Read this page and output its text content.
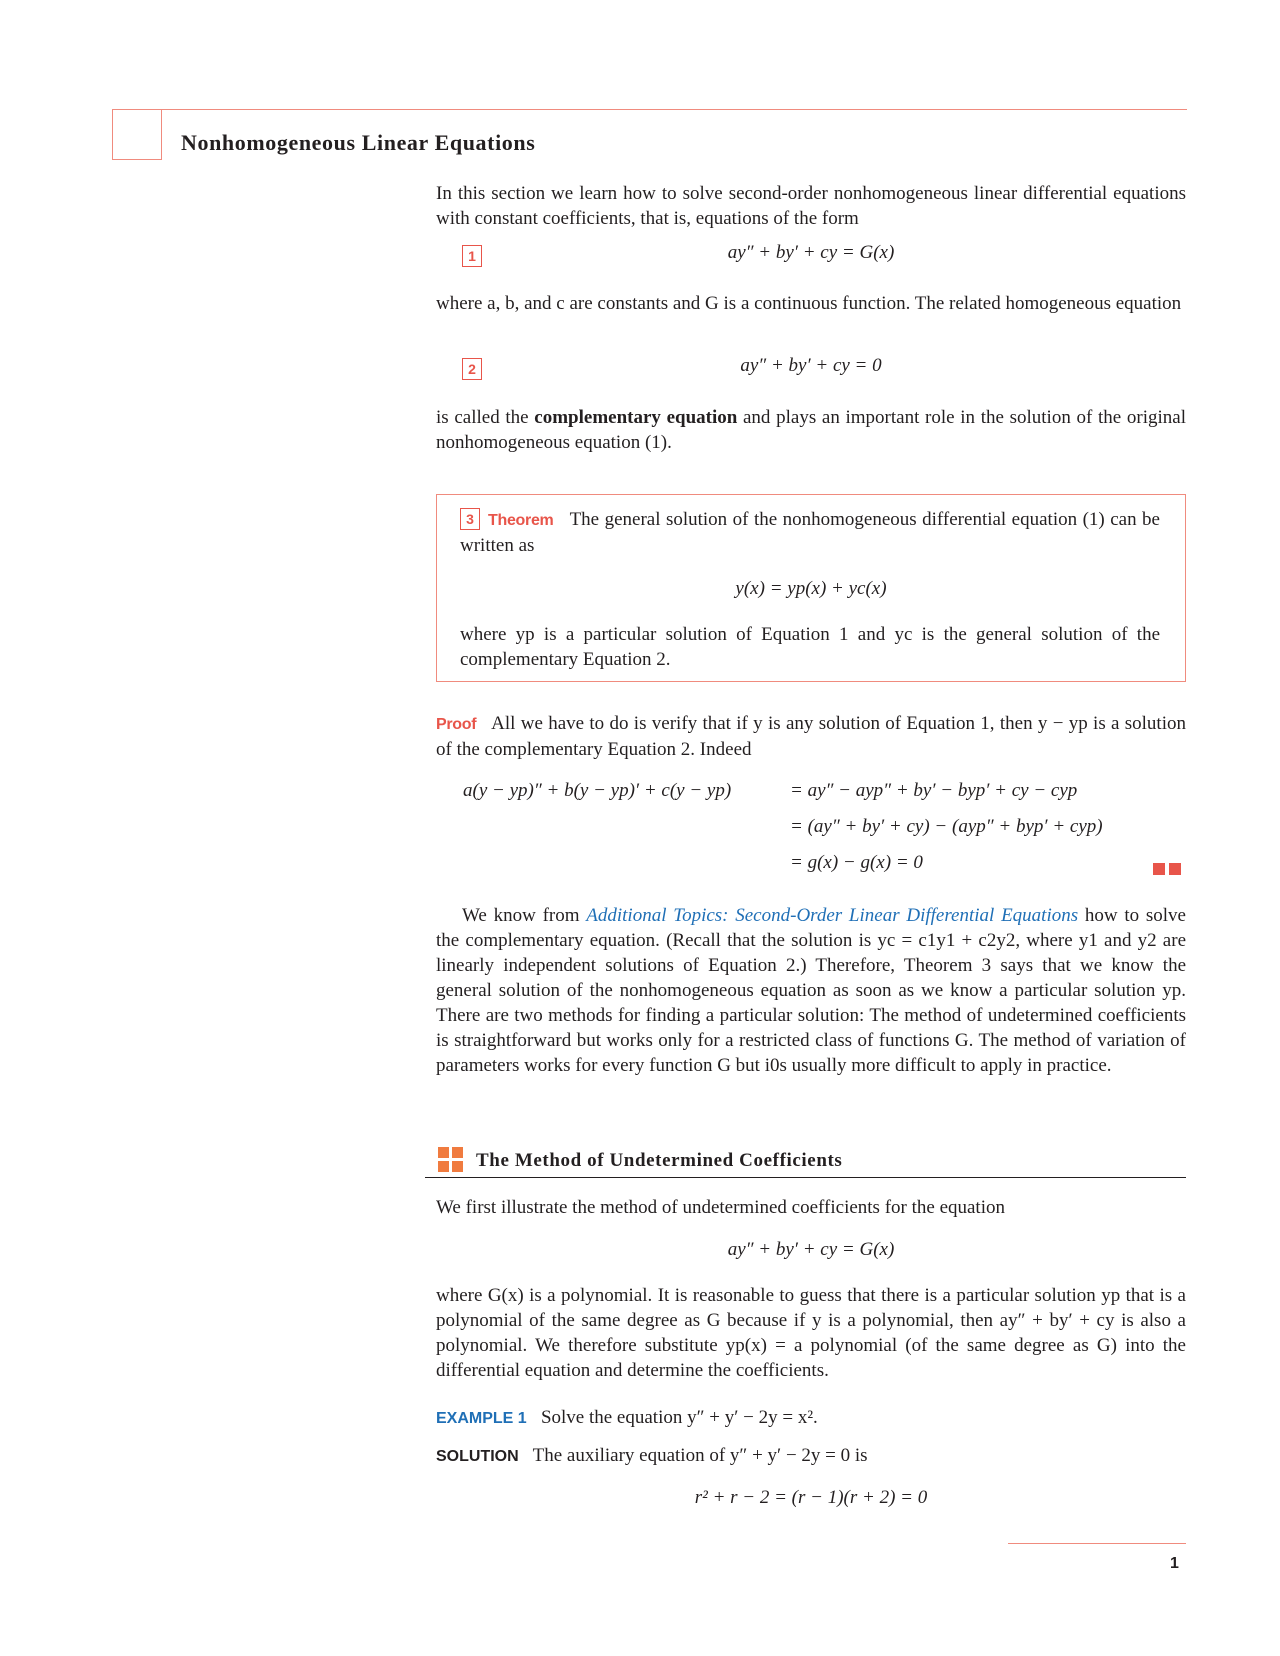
Nonhomogeneous Linear Equations

In this section we learn how to solve second-order nonhomogeneous linear differential equations with constant coefficients, that is, equations of the form

1	ay″ + by′ + cy = G(x)

where a, b, and c are constants and G is a continuous function. The related homogeneous equation

2	ay″ + by′ + cy = 0

is called the complementary equation and plays an important role in the solution of the original nonhomogeneous equation (1).

3 Theorem The general solution of the nonhomogeneous differential equation (1) can be written as

y(x) = yp(x) + yc(x)

where yp is a particular solution of Equation 1 and yc is the general solution of the complementary Equation 2.

Proof All we have to do is verify that if y is any solution of Equation 1, then y − yp is a solution of the complementary Equation 2. Indeed

a(y − yp)″ + b(y − yp)′ + c(y − yp)	= ay″ − ayp″ + by′ − byp′ + cy − cyp
= (ay″ + by′ + cy) − (ayp″ + byp′ + cyp)
= g(x) − g(x) = 0

We know from Additional Topics: Second-Order Linear Differential Equations how to solve the complementary equation. (Recall that the solution is yc = c1y1 + c2y2, where y1 and y2 are linearly independent solutions of Equation 2.) Therefore, Theorem 3 says that we know the general solution of the nonhomogeneous equation as soon as we know a particular solution yp. There are two methods for finding a particular solution: The method of undetermined coefficients is straightforward but works only for a restricted class of functions G. The method of variation of parameters works for every function G but i0s usually more difficult to apply in practice.

The Method of Undetermined Coefficients

We first illustrate the method of undetermined coefficients for the equation

ay″ + by′ + cy = G(x)

where G(x) is a polynomial. It is reasonable to guess that there is a particular solution yp that is a polynomial of the same degree as G because if y is a polynomial, then ay″ + by′ + cy is also a polynomial. We therefore substitute yp(x) = a polynomial (of the same degree as G) into the differential equation and determine the coefficients.

EXAMPLE 1 Solve the equation y″ + y′ − 2y = x².

SOLUTION The auxiliary equation of y″ + y′ − 2y = 0 is

r² + r − 2 = (r − 1)(r + 2) = 0
1
